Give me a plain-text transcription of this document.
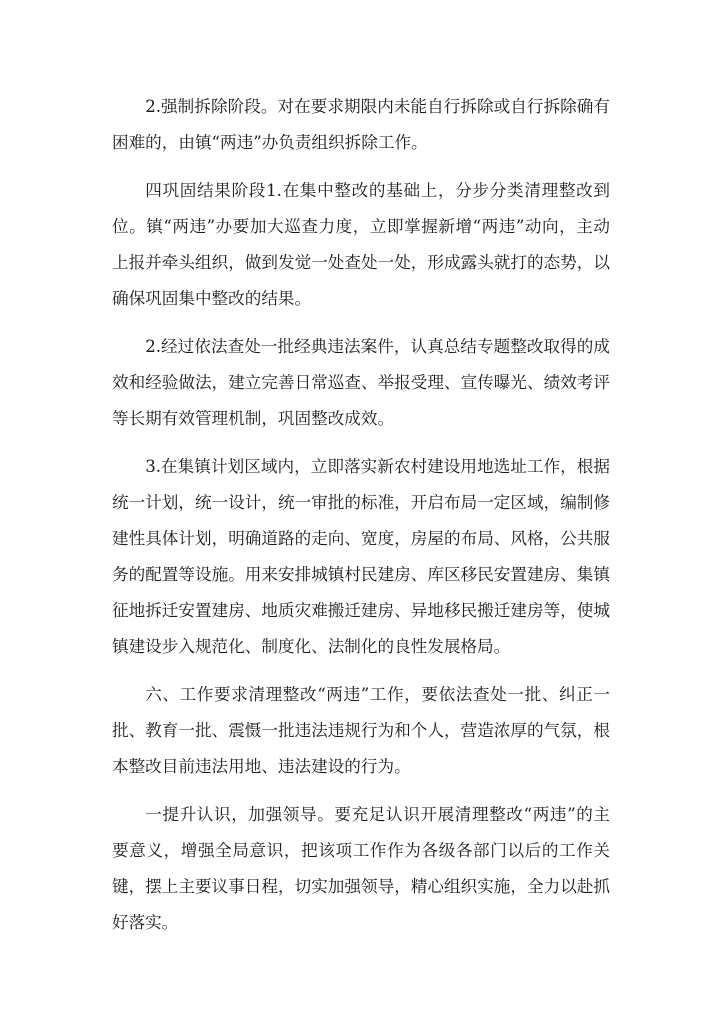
2.强制拆除阶段。对在要求期限内未能自行拆除或自行拆除确有困难的，由镇“两违”办负责组织拆除工作。

四巩固结果阶段1.在集中整改的基础上，分步分类清理整改到位。镇“两违”办要加大巡查力度，立即掌握新增“两违”动向，主动上报并牵头组织，做到发觉一处查处一处，形成露头就打的态势，以确保巩固集中整改的结果。

2.经过依法查处一批经典违法案件，认真总结专题整改取得的成效和经验做法，建立完善日常巡查、举报受理、宣传曝光、绩效考评等长期有效管理机制，巩固整改成效。

3.在集镇计划区域内，立即落实新农村建设用地选址工作，根据统一计划，统一设计，统一审批的标准，开启布局一定区域，编制修建性具体计划，明确道路的走向、宽度，房屋的布局、风格，公共服务的配置等设施。用来安排城镇村民建房、库区移民安置建房、集镇征地拆迁安置建房、地质灾难搬迁建房、异地移民搬迁建房等，使城镇建设步入规范化、制度化、法制化的良性发展格局。

六、工作要求清理整改“两违”工作，要依法查处一批、纠正一批、教育一批、震慑一批违法违规行为和个人，营造浓厚的气氛，根本整改目前违法用地、违法建设的行为。

一提升认识，加强领导。要充足认识开展清理整改“两违”的主要意义，增强全局意识，把该项工作作为各级各部门以后的工作关键，摆上主要议事日程，切实加强领导，精心组织实施，全力以赴抓好落实。
